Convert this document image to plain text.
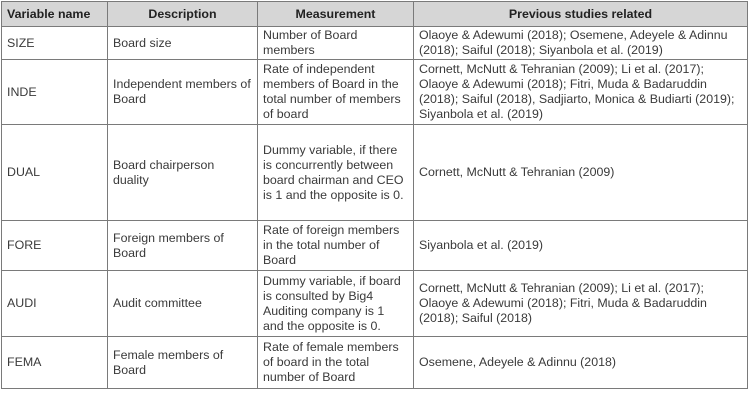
Variable name	Description	Measurement	Previous studies related
SIZE	Board size	Number of Board members	Olaoye & Adewumi (2018); Osemene, Adeyele & Adinnu (2018); Saiful (2018); Siyanbola et al. (2019)
INDE	Independent members of Board	Rate of independent members of Board in the total number of members of board	Cornett, McNutt & Tehranian (2009); Li et al. (2017); Olaoye & Adewumi (2018); Fitri, Muda & Badaruddin (2018); Saiful (2018), Sadjiarto, Monica & Budiarti (2019); Siyanbola et al. (2019)
DUAL	Board chairperson duality	Dummy variable, if there is concurrently between board chairman and CEO is 1 and the opposite is 0.	Cornett, McNutt & Tehranian (2009)
FORE	Foreign members of Board	Rate of foreign members in the total number of Board	Siyanbola et al. (2019)
AUDI	Audit committee	Dummy variable, if board is consulted by Big4 Auditing company is 1 and the opposite is 0.	Cornett, McNutt & Tehranian (2009); Li et al. (2017); Olaoye & Adewumi (2018); Fitri, Muda & Badaruddin (2018); Saiful (2018)
FEMA	Female members of Board	Rate of female members of board in the total number of Board	Osemene, Adeyele & Adinnu (2018)
